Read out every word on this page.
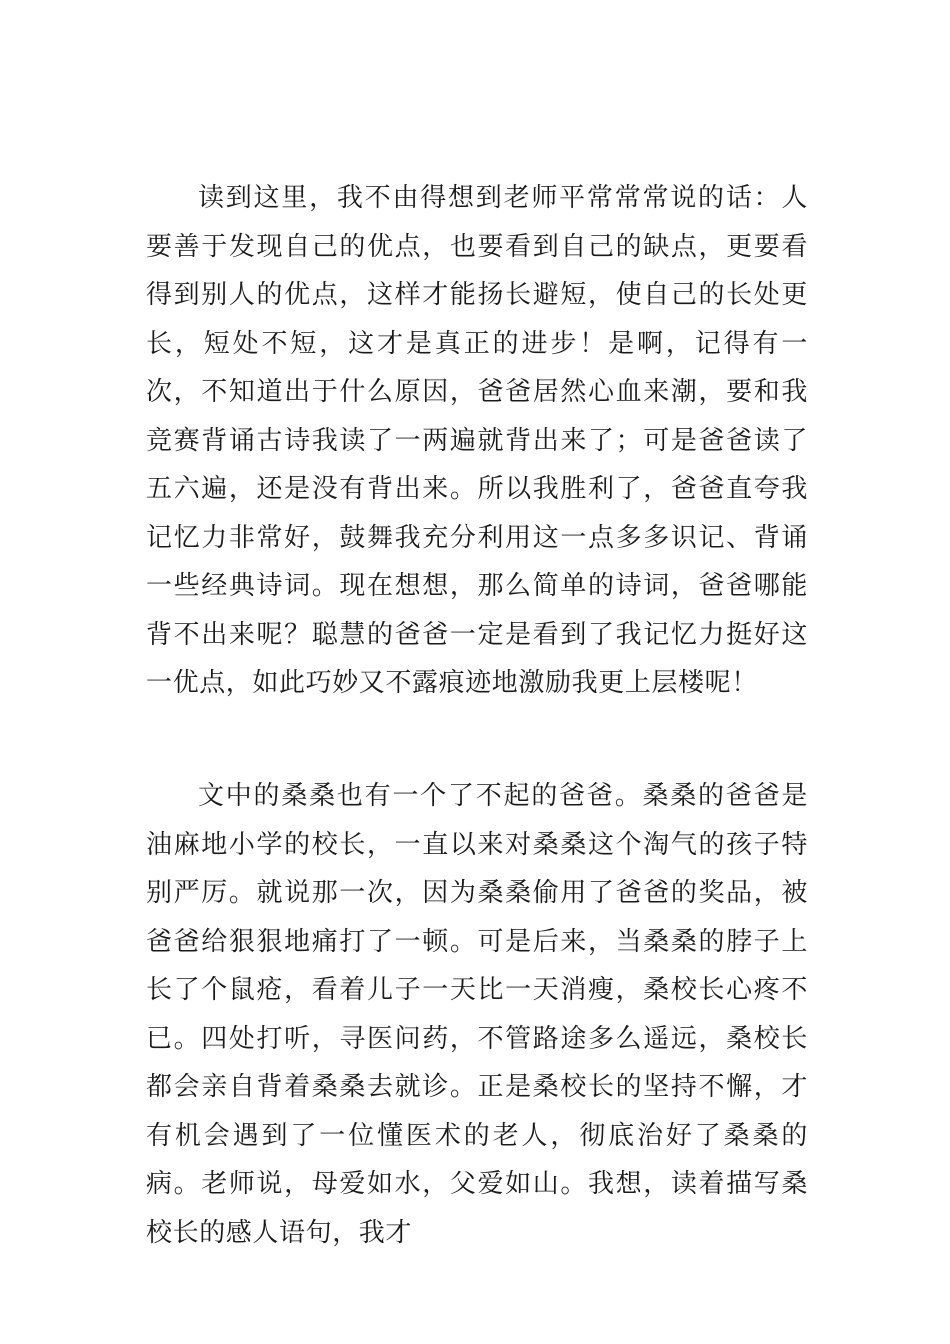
读到这里，我不由得想到老师平常常常说的话：人要善于发现自己的优点，也要看到自己的缺点，更要看得到别人的优点，这样才能扬长避短，使自己的长处更长，短处不短，这才是真正的进步！是啊，记得有一次，不知道出于什么原因，爸爸居然心血来潮，要和我竞赛背诵古诗我读了一两遍就背出来了；可是爸爸读了五六遍，还是没有背出来。所以我胜利了，爸爸直夸我记忆力非常好，鼓舞我充分利用这一点多多识记、背诵一些经典诗词。现在想想，那么简单的诗词，爸爸哪能背不出来呢？聪慧的爸爸一定是看到了我记忆力挺好这一优点，如此巧妙又不露痕迹地激励我更上层楼呢！

文中的桑桑也有一个了不起的爸爸。桑桑的爸爸是油麻地小学的校长，一直以来对桑桑这个淘气的孩子特别严厉。就说那一次，因为桑桑偷用了爸爸的奖品，被爸爸给狠狠地痛打了一顿。可是后来，当桑桑的脖子上长了个鼠疮，看着儿子一天比一天消瘦，桑校长心疼不已。四处打听，寻医问药，不管路途多么遥远，桑校长都会亲自背着桑桑去就诊。正是桑校长的坚持不懈，才有机会遇到了一位懂医术的老人，彻底治好了桑桑的病。老师说，母爱如水，父爱如山。我想，读着描写桑校长的感人语句，我才
